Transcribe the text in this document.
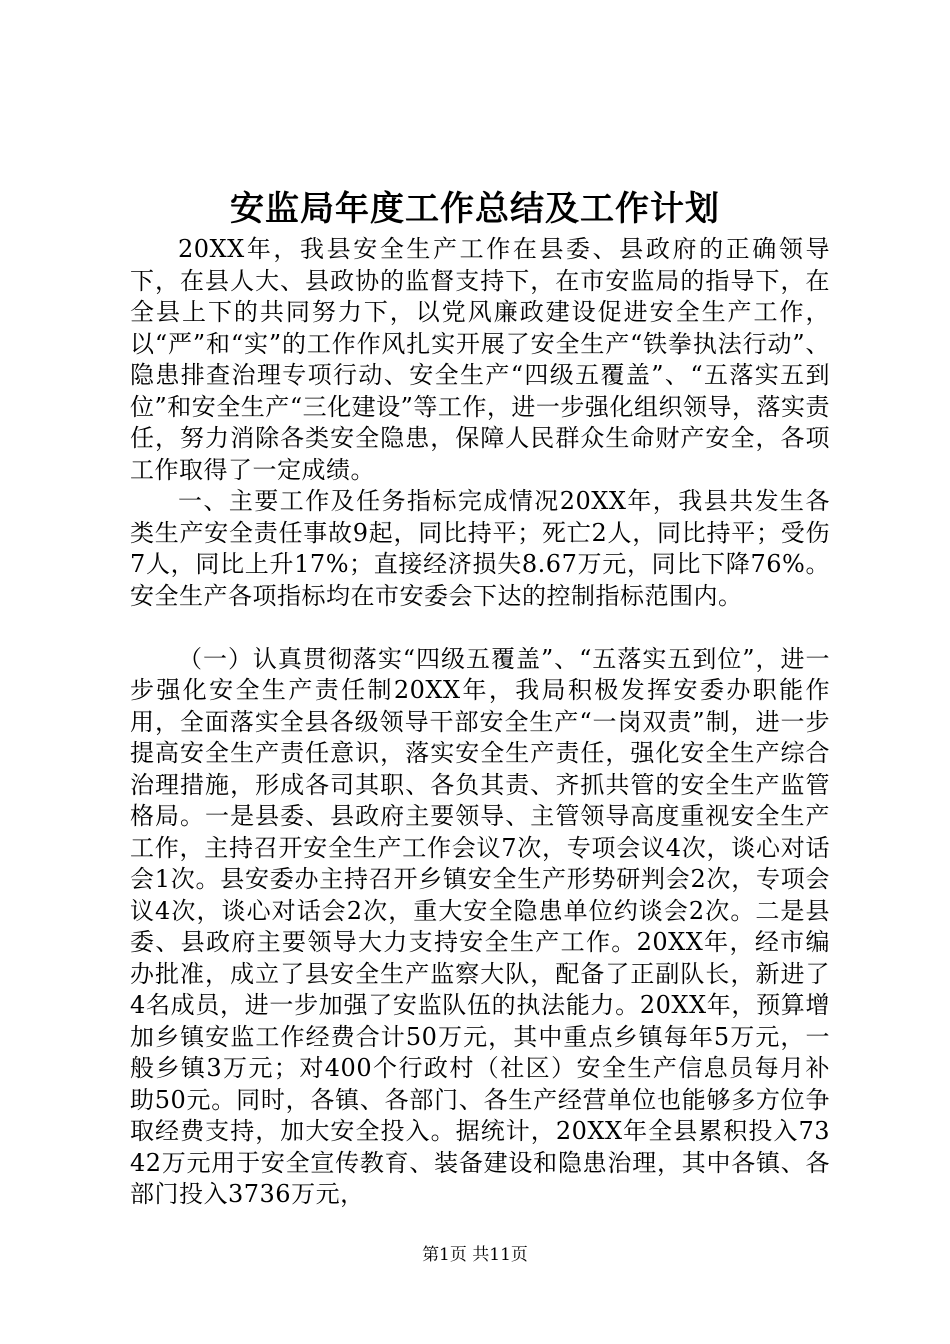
安监局年度工作总结及工作计划

20XX年，我县安全生产工作在县委、县政府的正确领导下，在县人大、县政协的监督支持下，在市安监局的指导下，在全县上下的共同努力下，以党风廉政建设促进安全生产工作，以“严”和“实”的工作作风扎实开展了安全生产“铁拳执法行动”、隐患排查治理专项行动、安全生产“四级五覆盖”、“五落实五到位”和安全生产“三化建设”等工作，进一步强化组织领导，落实责任，努力消除各类安全隐患，保障人民群众生命财产安全，各项工作取得了一定成绩。

一、主要工作及任务指标完成情况20XX年，我县共发生各类生产安全责任事故9起，同比持平；死亡2人，同比持平；受伤7人，同比上升17%；直接经济损失8.67万元，同比下降76%。安全生产各项指标均在市安委会下达的控制指标范围内。

（一）认真贯彻落实“四级五覆盖”、“五落实五到位”，进一步强化安全生产责任制20XX年，我局积极发挥安委办职能作用，全面落实全县各级领导干部安全生产“一岗双责”制，进一步提高安全生产责任意识，落实安全生产责任，强化安全生产综合治理措施，形成各司其职、各负其责、齐抓共管的安全生产监管格局。一是县委、县政府主要领导、主管领导高度重视安全生产工作，主持召开安全生产工作会议7次，专项会议4次，谈心对话会1次。县安委办主持召开乡镇安全生产形势研判会2次，专项会议4次，谈心对话会2次，重大安全隐患单位约谈会2次。二是县委、县政府主要领导大力支持安全生产工作。20XX年，经市编办批准，成立了县安全生产监察大队，配备了正副队长，新进了4名成员，进一步加强了安监队伍的执法能力。20XX年，预算增加乡镇安监工作经费合计50万元，其中重点乡镇每年5万元，一般乡镇3万元；对400个行政村（社区）安全生产信息员每月补助50元。同时，各镇、各部门、各生产经营单位也能够多方位争取经费支持，加大安全投入。据统计，20XX年全县累积投入7342万元用于安全宣传教育、装备建设和隐患治理，其中各镇、各部门投入3736万元，

第1页 共11页
